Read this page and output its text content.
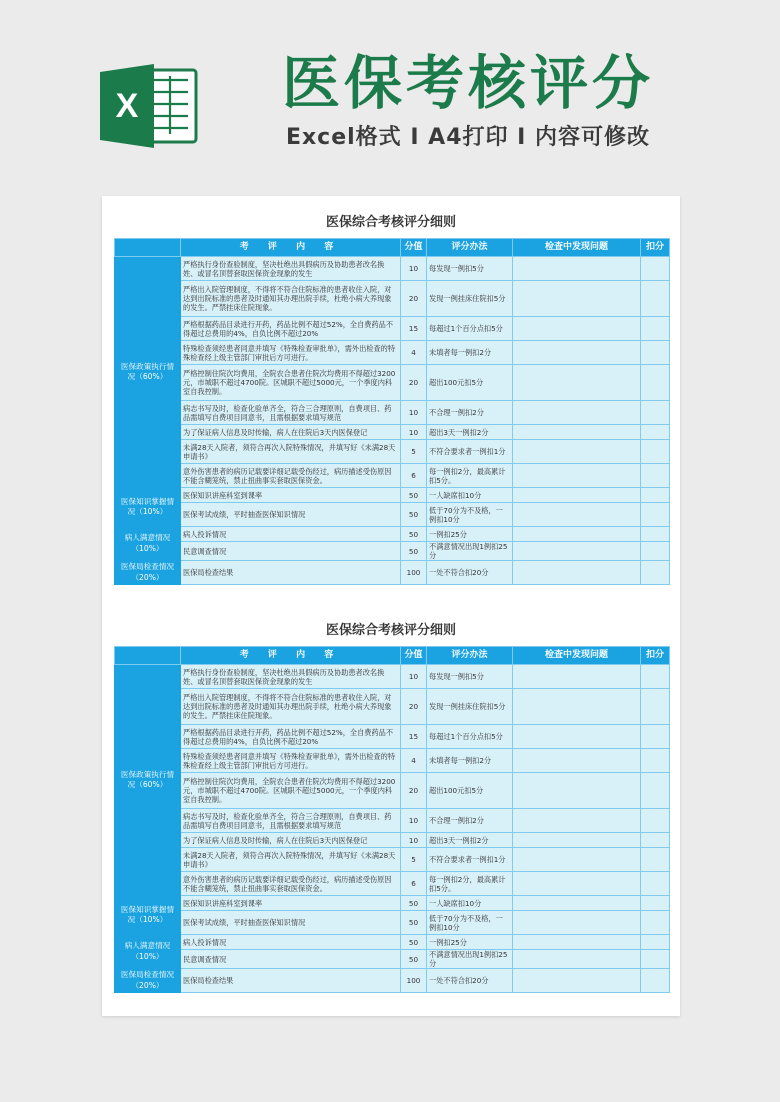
X	医保考核评分
Excel格式 I A4打印 I 内容可修改
医保综合考核评分细则
	考 评 内 容	分值	评分办法	检查中发现问题	扣分

医保政策执行情
况（60%）	严格执行身份查验制度，坚决杜绝出具假病历及协助患者改名换姓、或冒名顶替套取医保资金现象的发生	10	每发现一例扣5分		
	严格出入院管理制度，不得将不符合住院标准的患者收住入院，对达到出院标准的患者及时通知其办理出院手续，杜绝小病大养现象的发生。严禁挂床住院现象。	20	发现一例挂床住院扣5分		
	严格根据药品目录进行开药，药品比例不超过52%，全自费药品不得超过总费用的4%，自负比例不超过20%	15	每超过1个百分点扣5分		
	特殊检查须经患者同意并填写《特殊检查审批单》，需外出检查的特殊检查经上级主管部门审批后方可进行。	4	未填者每一例扣2分		
	严格控制住院次均费用，全院农合患者住院次均费用不得超过3200元，市城职不超过4700院。区城职不超过5000元，一个季度内科室自我控制。	20	超出100元扣5分		
	病志书写及时，检查化验单齐全，符合三合理原则，自费项目、药品需填写自费项目同意书，且需根据要求填写规范	10	不合理一例扣2分		
	为了保证病人信息及时传输，病人在住院后3天内医保登记	10	超出3天一例扣2分		
	未满28天入院者，须符合再次入院特殊情况，并填写好《未满28天申请书》	5	不符合要求者一例扣1分		
	意外伤害患者的病历记载要详细记载受伤经过，病历描述受伤原因不能含糊笼统，禁止扭曲事实套取医保资金。	6	每一例扣2分，最高累计扣5分。		

医保知识掌握情
况（10%）	医保知识讲座科室到课率	50	一人缺席扣10分		
	医保考试成绩，平时抽查医保知识情况	50	低于70分为不及格，一例扣10分		

病人满意情况
（10%）	病人投诉情况	50	一例扣25分		
	民意调查情况	50	不满意情况出现1例扣25分		

医保局检查情况
（20%）	医保局检查结果	100	一处不符合扣20分		
医保综合考核评分细则
	考 评 内 容	分值	评分办法	检查中发现问题	扣分

医保政策执行情
况（60%）	严格执行身份查验制度，坚决杜绝出具假病历及协助患者改名换姓、或冒名顶替套取医保资金现象的发生	10	每发现一例扣5分		
	严格出入院管理制度，不得将不符合住院标准的患者收住入院，对达到出院标准的患者及时通知其办理出院手续，杜绝小病大养现象的发生。严禁挂床住院现象。	20	发现一例挂床住院扣5分		
	严格根据药品目录进行开药，药品比例不超过52%，全自费药品不得超过总费用的4%，自负比例不超过20%	15	每超过1个百分点扣5分		
	特殊检查须经患者同意并填写《特殊检查审批单》，需外出检查的特殊检查经上级主管部门审批后方可进行。	4	未填者每一例扣2分		
	严格控制住院次均费用，全院农合患者住院次均费用不得超过3200元，市城职不超过4700院。区城职不超过5000元，一个季度内科室自我控制。	20	超出100元扣5分		
	病志书写及时，检查化验单齐全，符合三合理原则，自费项目、药品需填写自费项目同意书，且需根据要求填写规范	10	不合理一例扣2分		
	为了保证病人信息及时传输，病人在住院后3天内医保登记	10	超出3天一例扣2分		
	未满28天入院者，须符合再次入院特殊情况，并填写好《未满28天申请书》	5	不符合要求者一例扣1分		
	意外伤害患者的病历记载要详细记载受伤经过，病历描述受伤原因不能含糊笼统，禁止扭曲事实套取医保资金。	6	每一例扣2分，最高累计扣5分。		

医保知识掌握情
况（10%）	医保知识讲座科室到课率	50	一人缺席扣10分		
	医保考试成绩，平时抽查医保知识情况	50	低于70分为不及格，一例扣10分		

病人满意情况
（10%）	病人投诉情况	50	一例扣25分		
	民意调查情况	50	不满意情况出现1例扣25分		

医保局检查情况
（20%）	医保局检查结果	100	一处不符合扣20分		
